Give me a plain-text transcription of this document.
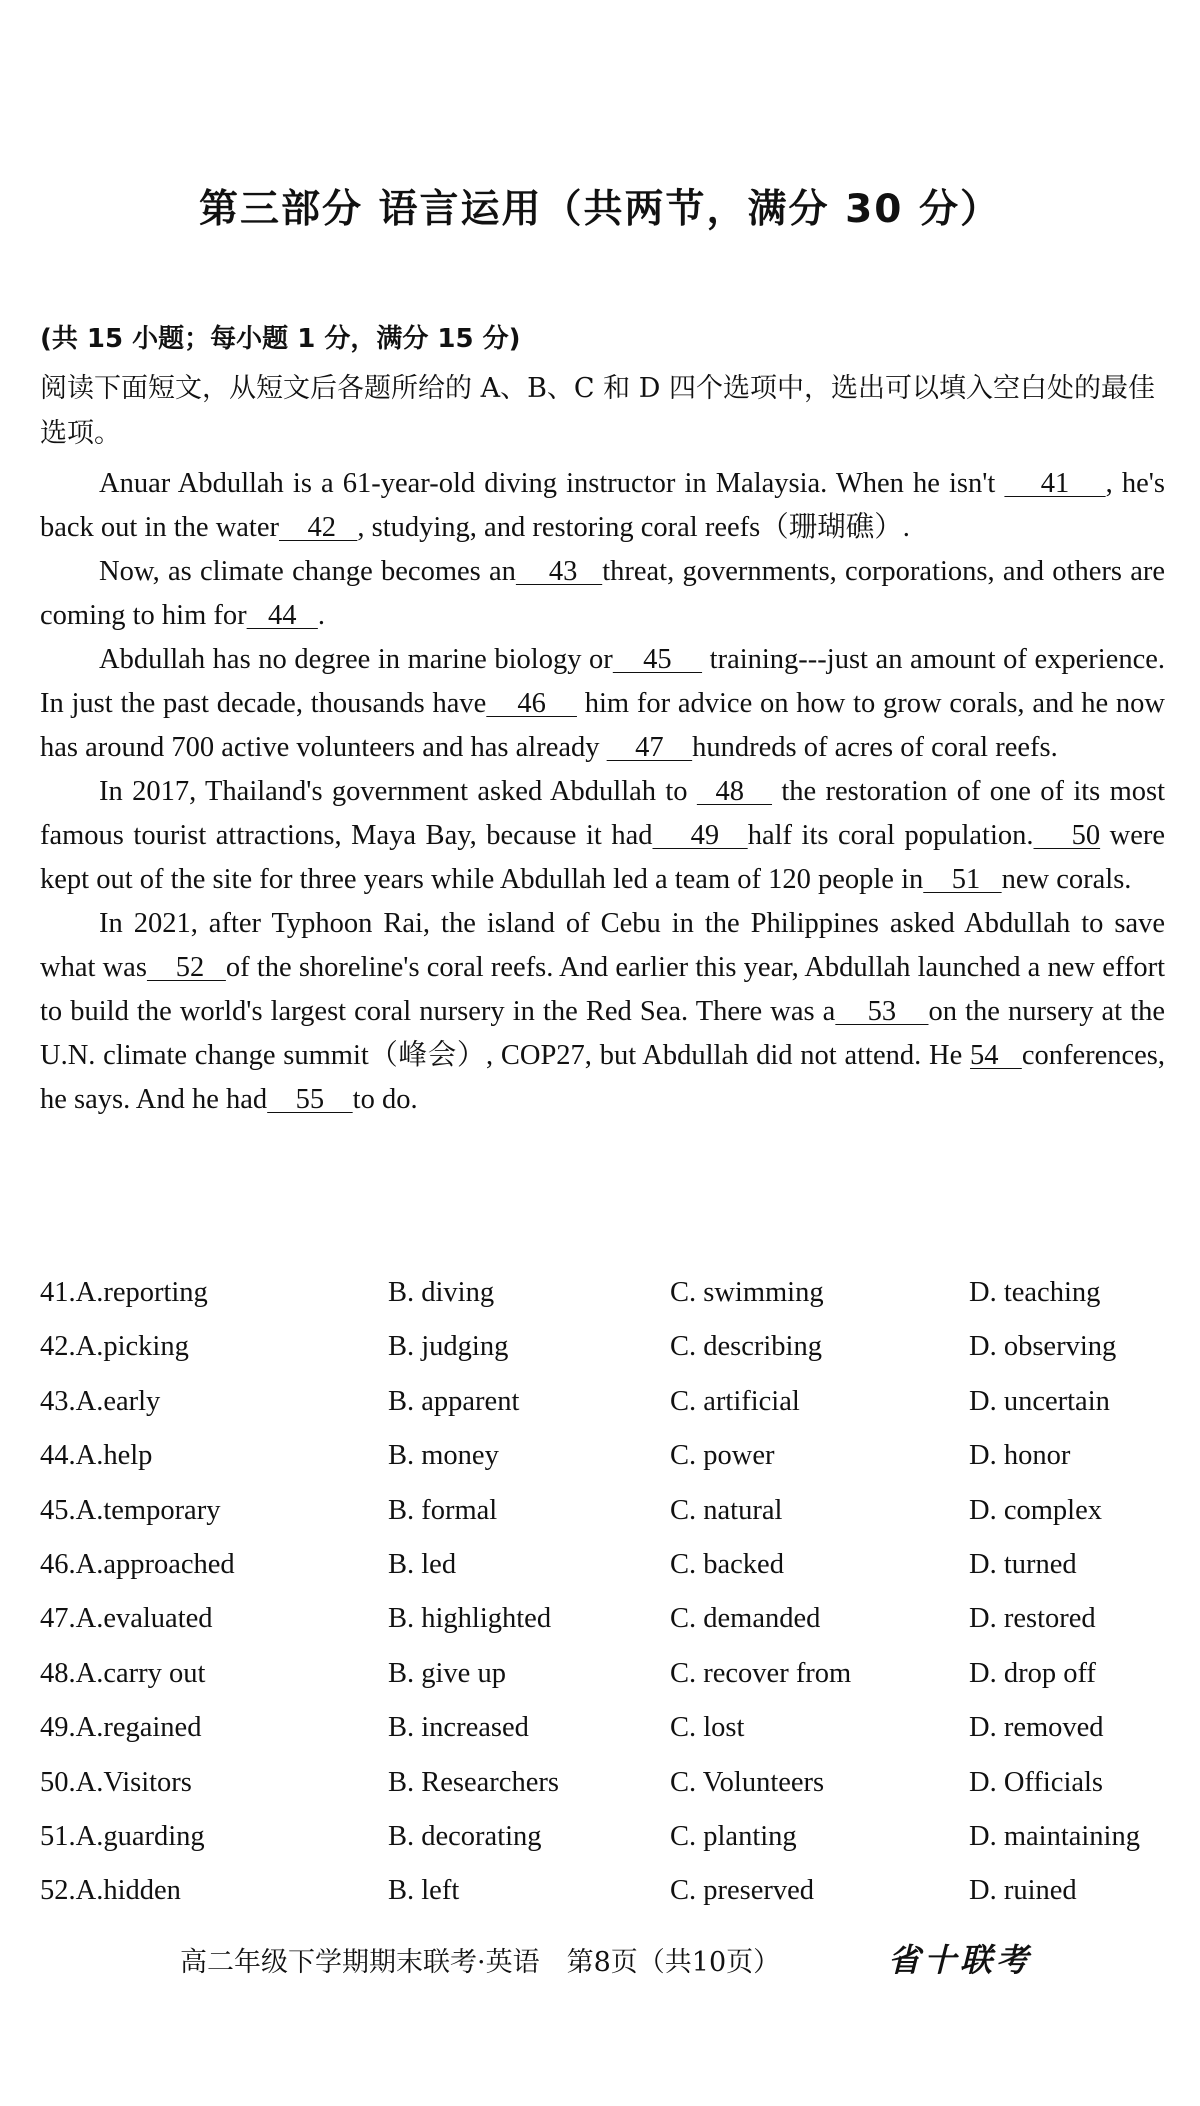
第三部分 语言运用（共两节，满分 30 分）
(共 15 小题；每小题 1 分，满分 15 分)
阅读下面短文，从短文后各题所给的 A、B、C 和 D 四个选项中，选出可以填入空白处的最佳选项。

Anuar Abdullah is a 61-year-old diving instructor in Malaysia. When he isn't     41    , he's back out in the water    42   , studying, and restoring coral reefs（珊瑚礁）.

Now, as climate change becomes an    43   threat, governments, corporations, and others are coming to him for   44   .

Abdullah has no degree in marine biology or    45     training---just an amount of experience. In just the past decade, thousands have    46     him for advice on how to grow corals, and he now has around 700 active volunteers and has already     47    hundreds of acres of coral reefs.

In 2017, Thailand's government asked Abdullah to   48    the restoration of one of its most famous tourist attractions, Maya Bay, because it had    49   half its coral population.    50 were kept out of the site for three years while Abdullah led a team of 120 people in    51   new corals.

In 2021, after Typhoon Rai, the island of Cebu in the Philippines asked Abdullah to save what was    52   of the shoreline's coral reefs. And earlier this year, Abdullah launched a new effort to build the world's largest coral nursery in the Red Sea. There was a    53    on the nursery at the U.N. climate change summit（峰会）, COP27, but Abdullah did not attend. He 54   conferences, he says. And he had    55    to do.

41.A.reporting	B. diving	C. swimming	D. teaching
42.A.picking	B. judging	C. describing	D. observing
43.A.early	B. apparent	C. artificial	D. uncertain
44.A.help	B. money	C. power	D. honor
45.A.temporary	B. formal	C. natural	D. complex
46.A.approached	B. led	C. backed	D. turned
47.A.evaluated	B. highlighted	C. demanded	D. restored
48.A.carry out	B. give up	C. recover from	D. drop off
49.A.regained	B. increased	C. lost	D. removed
50.A.Visitors	B. Researchers	C. Volunteers	D. Officials
51.A.guarding	B. decorating	C. planting	D. maintaining
52.A.hidden	B. left	C. preserved	D. ruined
高二年级下学期期末联考·英语　第8页（共10页）	省十联考
